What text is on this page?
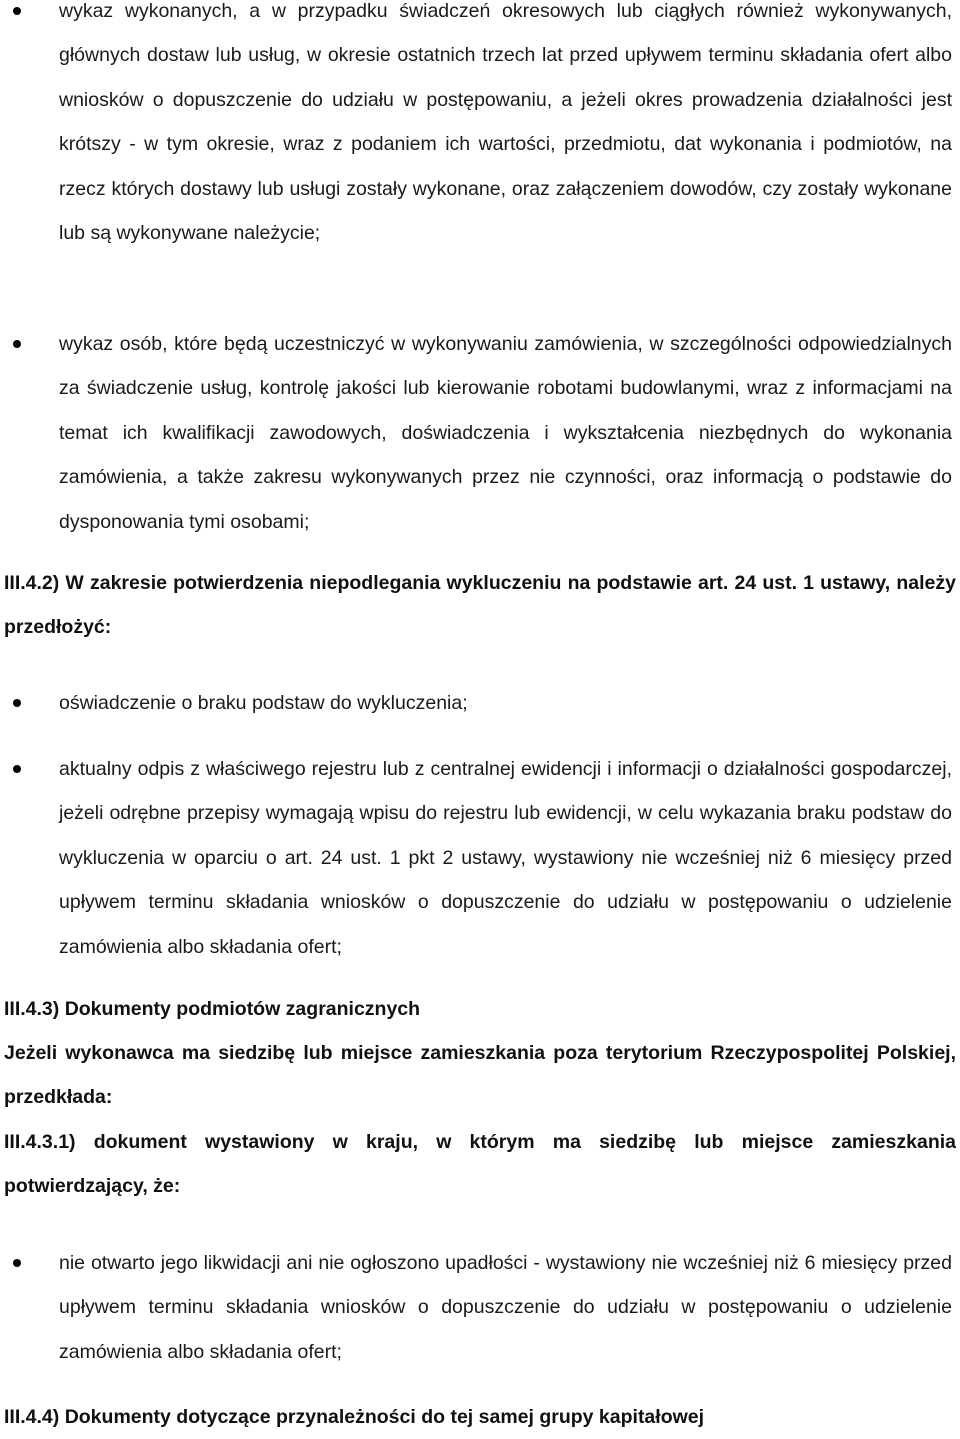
wykaz wykonanych, a w przypadku świadczeń okresowych lub ciągłych również wykonywanych, głównych dostaw lub usług, w okresie ostatnich trzech lat przed upływem terminu składania ofert albo wniosków o dopuszczenie do udziału w postępowaniu, a jeżeli okres prowadzenia działalności jest krótszy - w tym okresie, wraz z podaniem ich wartości, przedmiotu, dat wykonania i podmiotów, na rzecz których dostawy lub usługi zostały wykonane, oraz załączeniem dowodów, czy zostały wykonane lub są wykonywane należycie;
wykaz osób, które będą uczestniczyć w wykonywaniu zamówienia, w szczególności odpowiedzialnych za świadczenie usług, kontrolę jakości lub kierowanie robotami budowlanymi, wraz z informacjami na temat ich kwalifikacji zawodowych, doświadczenia i wykształcenia niezbędnych do wykonania zamówienia, a także zakresu wykonywanych przez nie czynności, oraz informacją o podstawie do dysponowania tymi osobami;
III.4.2) W zakresie potwierdzenia niepodlegania wykluczeniu na podstawie art. 24 ust. 1 ustawy, należy przedłożyć:
oświadczenie o braku podstaw do wykluczenia;
aktualny odpis z właściwego rejestru lub z centralnej ewidencji i informacji o działalności gospodarczej, jeżeli odrębne przepisy wymagają wpisu do rejestru lub ewidencji, w celu wykazania braku podstaw do wykluczenia w oparciu o art. 24 ust. 1 pkt 2 ustawy, wystawiony nie wcześniej niż 6 miesięcy przed upływem terminu składania wniosków o dopuszczenie do udziału w postępowaniu o udzielenie zamówienia albo składania ofert;
III.4.3) Dokumenty podmiotów zagranicznych
Jeżeli wykonawca ma siedzibę lub miejsce zamieszkania poza terytorium Rzeczypospolitej Polskiej, przedkłada:
III.4.3.1) dokument wystawiony w kraju, w którym ma siedzibę lub miejsce zamieszkania potwierdzający, że:
nie otwarto jego likwidacji ani nie ogłoszono upadłości - wystawiony nie wcześniej niż 6 miesięcy przed upływem terminu składania wniosków o dopuszczenie do udziału w postępowaniu o udzielenie zamówienia albo składania ofert;
III.4.4) Dokumenty dotyczące przynależności do tej samej grupy kapitałowej
